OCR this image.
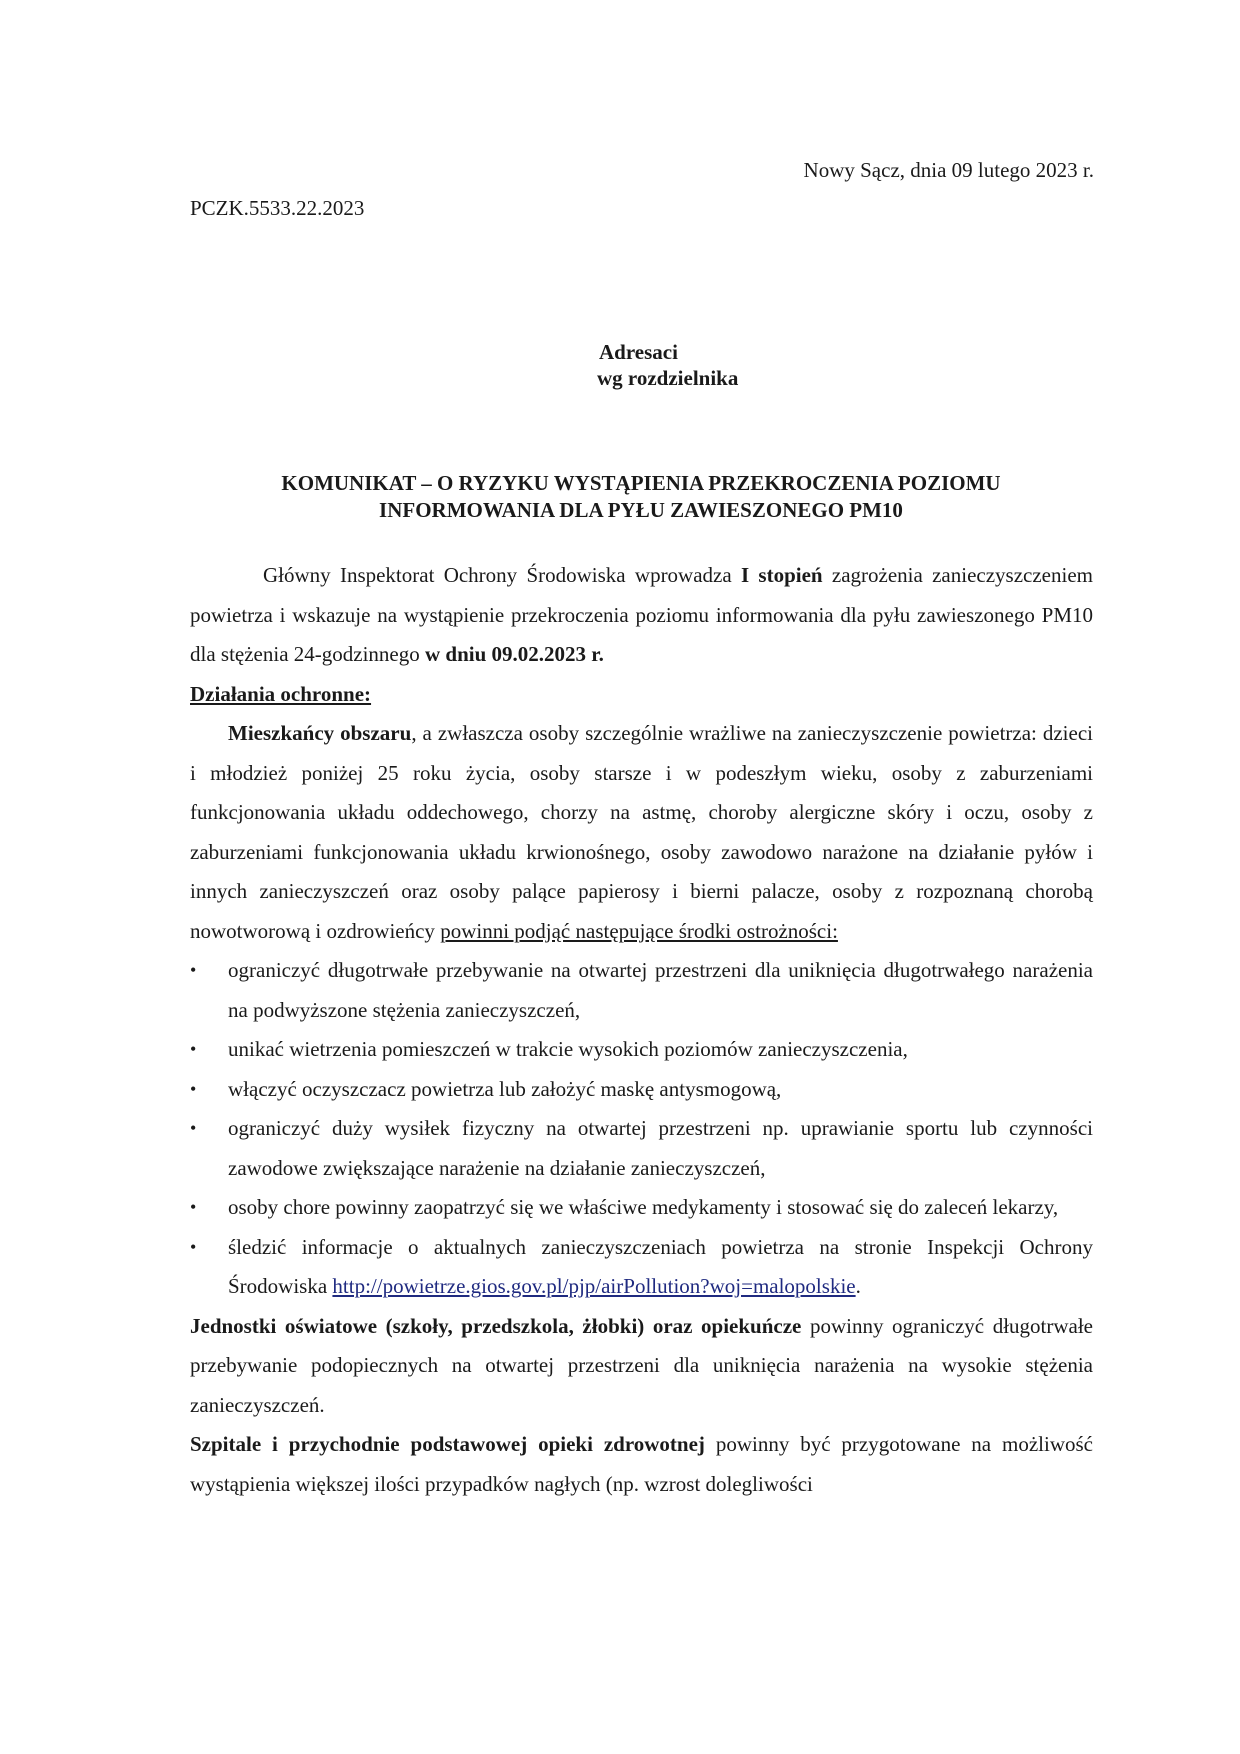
Nowy Sącz, dnia 09 lutego 2023 r.
PCZK.5533.22.2023
Adresaci
wg rozdzielnika
KOMUNIKAT – O RYZYKU WYSTĄPIENIA PRZEKROCZENIA POZIOMU
INFORMOWANIA DLA PYŁU ZAWIESZONEGO PM10

Główny Inspektorat Ochrony Środowiska wprowadza I stopień zagrożenia zanieczyszczeniem powietrza i wskazuje na wystąpienie przekroczenia poziomu informowania dla pyłu zawieszonego PM10 dla stężenia 24-godzinnego w dniu 09.02.2023 r.

Działania ochronne:

Mieszkańcy obszaru, a zwłaszcza osoby szczególnie wrażliwe na zanieczyszczenie powietrza: dzieci i młodzież poniżej 25 roku życia, osoby starsze i w podeszłym wieku, osoby z zaburzeniami funkcjonowania układu oddechowego, chorzy na astmę, choroby alergiczne skóry i oczu, osoby z zaburzeniami funkcjonowania układu krwionośnego, osoby zawodowo narażone na działanie pyłów i innych zanieczyszczeń oraz osoby palące papierosy i bierni palacze, osoby z rozpoznaną chorobą nowotworową i ozdrowieńcy powinni podjąć następujące środki ostrożności:

•	ograniczyć długotrwałe przebywanie na otwartej przestrzeni dla uniknięcia długotrwałego narażenia na podwyższone stężenia zanieczyszczeń,
•	unikać wietrzenia pomieszczeń w trakcie wysokich poziomów zanieczyszczenia,
•	włączyć oczyszczacz powietrza lub założyć maskę antysmogową,
•	ograniczyć duży wysiłek fizyczny na otwartej przestrzeni np. uprawianie sportu lub czynności zawodowe zwiększające narażenie na działanie zanieczyszczeń,
•	osoby chore powinny zaopatrzyć się we właściwe medykamenty i stosować się do zaleceń lekarzy,
•	śledzić informacje o aktualnych zanieczyszczeniach powietrza na stronie Inspekcji Ochrony Środowiska http://powietrze.gios.gov.pl/pjp/airPollution?woj=malopolskie.

Jednostki oświatowe (szkoły, przedszkola, żłobki) oraz opiekuńcze powinny ograniczyć długotrwałe przebywanie podopiecznych na otwartej przestrzeni dla uniknięcia narażenia na wysokie stężenia zanieczyszczeń.

Szpitale i przychodnie podstawowej opieki zdrowotnej powinny być przygotowane na możliwość wystąpienia większej ilości przypadków nagłych (np. wzrost dolegliwości
